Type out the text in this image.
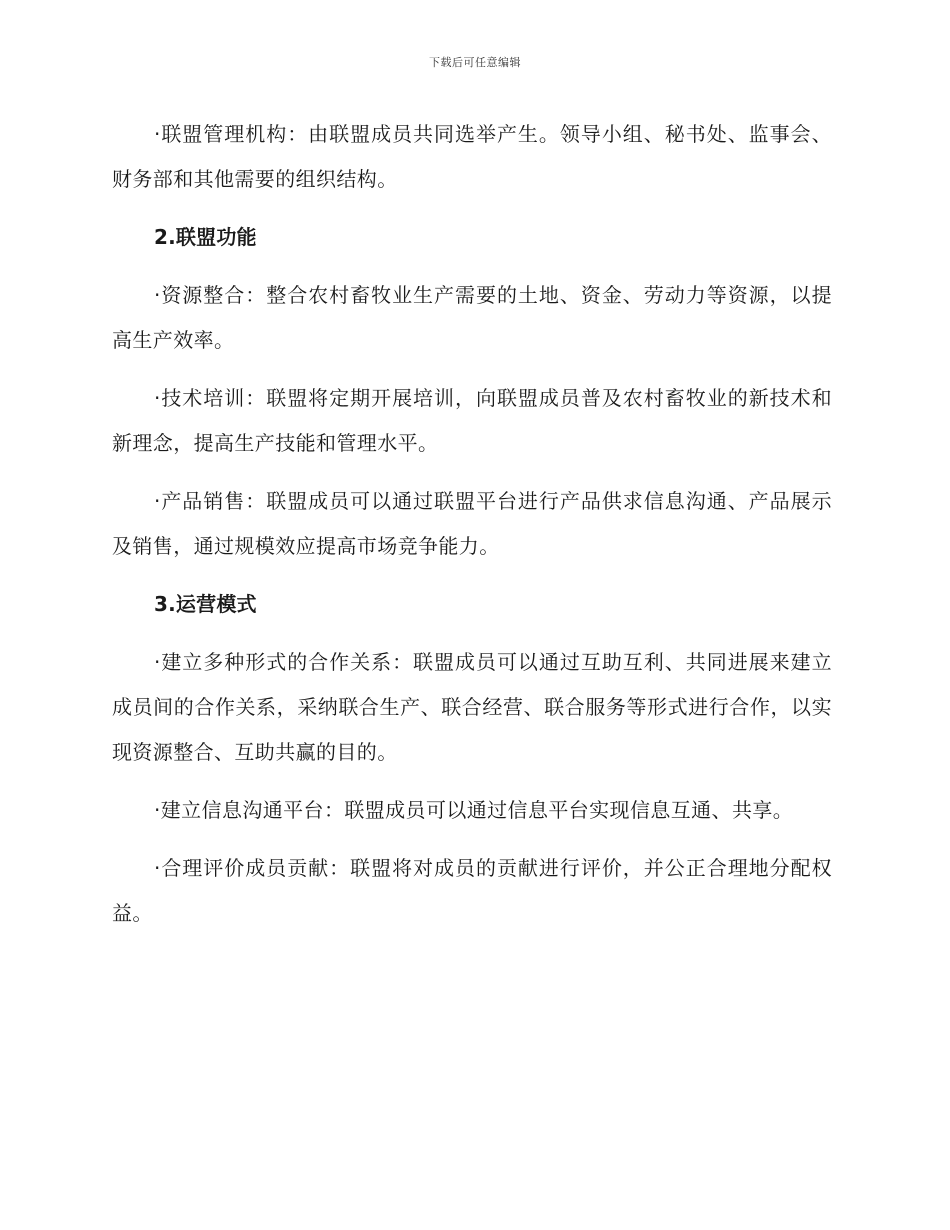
下载后可任意编辑

·联盟管理机构：由联盟成员共同选举产生。领导小组、秘书处、监事会、财务部和其他需要的组织结构。

2.联盟功能

·资源整合：整合农村畜牧业生产需要的土地、资金、劳动力等资源，以提高生产效率。

·技术培训：联盟将定期开展培训，向联盟成员普及农村畜牧业的新技术和新理念，提高生产技能和管理水平。

·产品销售：联盟成员可以通过联盟平台进行产品供求信息沟通、产品展示及销售，通过规模效应提高市场竞争能力。

3.运营模式

·建立多种形式的合作关系：联盟成员可以通过互助互利、共同进展来建立成员间的合作关系，采纳联合生产、联合经营、联合服务等形式进行合作，以实现资源整合、互助共赢的目的。

·建立信息沟通平台：联盟成员可以通过信息平台实现信息互通、共享。

·合理评价成员贡献：联盟将对成员的贡献进行评价，并公正合理地分配权益。
